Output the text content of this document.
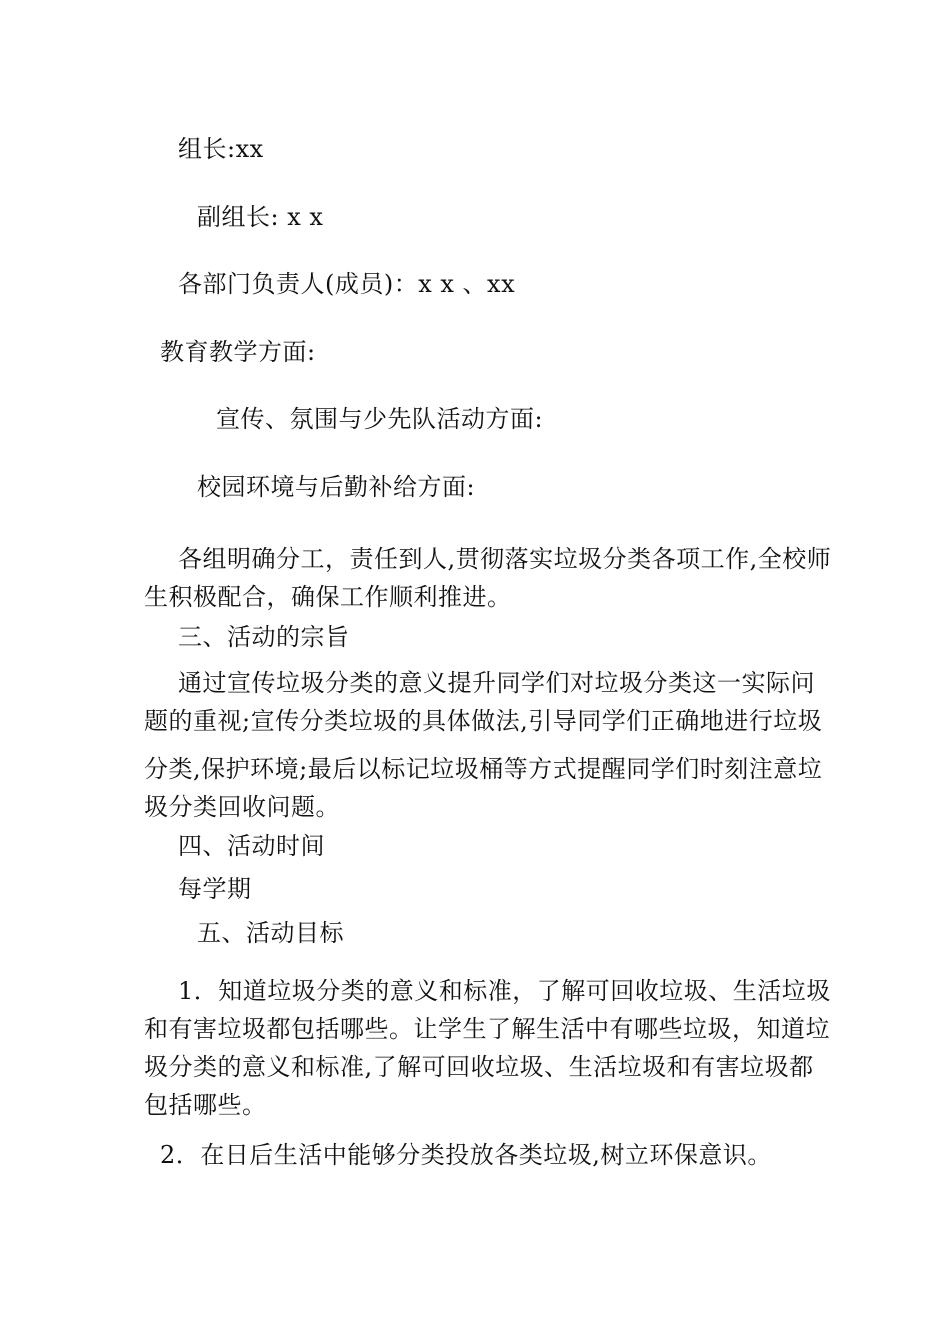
组长:xx
副组长: x x
各部门负责人(成员)：x x 、xx
教育教学方面:
宣传、氛围与少先队活动方面:
校园环境与后勤补给方面:
各组明确分工，责任到人,贯彻落实垃圾分类各项工作,全校师
生积极配合，确保工作顺利推进。
三、活动的宗旨
通过宣传垃圾分类的意义提升同学们对垃圾分类这一实际问
题的重视;宣传分类垃圾的具体做法,引导同学们正确地进行垃圾
分类,保护环境;最后以标记垃圾桶等方式提醒同学们时刻注意垃
圾分类回收问题。
四、活动时间
每学期
五、活动目标
1．知道垃圾分类的意义和标准，了解可回收垃圾、生活垃圾
和有害垃圾都包括哪些。让学生了解生活中有哪些垃圾，知道垃
圾分类的意义和标准,了解可回收垃圾、生活垃圾和有害垃圾都
包括哪些。
2．在日后生活中能够分类投放各类垃圾,树立环保意识。
